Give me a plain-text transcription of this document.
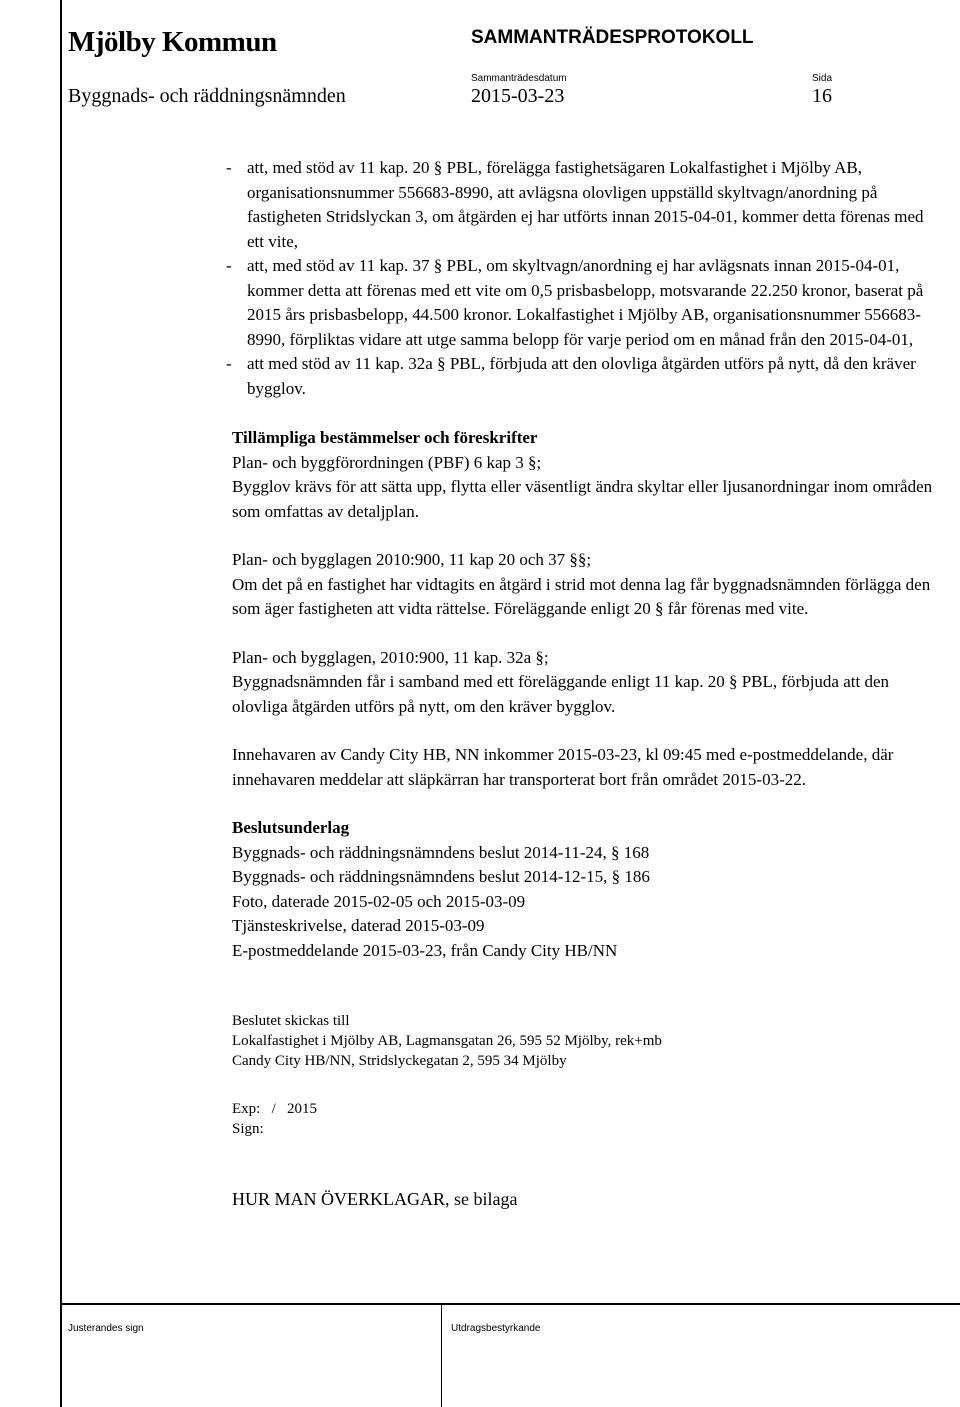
Mjölby Kommun	SAMMANTRÄDESPROTOKOLL
Byggnads- och räddningsnämnden
Sammanträdesdatum
2015-03-23
Sida
16

- att, med stöd av 11 kap. 20 § PBL, förelägga fastighetsägaren Lokalfastighet i Mjölby AB, organisationsnummer 556683-8990, att avlägsna olovligen uppställd skyltvagn/anordning på fastigheten Stridslyckan 3, om åtgärden ej har utförts innan 2015-04-01, kommer detta förenas med ett vite,

- att, med stöd av 11 kap. 37 § PBL, om skyltvagn/anordning ej har avlägsnats innan 2015-04-01, kommer detta att förenas med ett vite om 0,5 prisbasbelopp, motsvarande 22.250 kronor, baserat på 2015 års prisbasbelopp, 44.500 kronor. Lokalfastighet i Mjölby AB, organisationsnummer 556683-8990, förpliktas vidare att utge samma belopp för varje period om en månad från den 2015-04-01,

- att med stöd av 11 kap. 32a § PBL, förbjuda att den olovliga åtgärden utförs på nytt, då den kräver bygglov.

Tillämpliga bestämmelser och föreskrifter

Plan- och byggförordningen (PBF) 6 kap 3 §;

Bygglov krävs för att sätta upp, flytta eller väsentligt ändra skyltar eller ljusanordningar inom områden som omfattas av detaljplan.

Plan- och bygglagen 2010:900, 11 kap 20 och 37 §§;

Om det på en fastighet har vidtagits en åtgärd i strid mot denna lag får byggnadsnämnden förlägga den som äger fastigheten att vidta rättelse. Föreläggande enligt 20 § får förenas med vite.

Plan- och bygglagen, 2010:900, 11 kap. 32a §;

Byggnadsnämnden får i samband med ett föreläggande enligt 11 kap. 20 § PBL, förbjuda att den olovliga åtgärden utförs på nytt, om den kräver bygglov.

Innehavaren av Candy City HB, NN inkommer 2015-03-23, kl 09:45 med e-postmeddelande, där innehavaren meddelar att släpkärran har transporterat bort från området 2015-03-22.

Beslutsunderlag

Byggnads- och räddningsnämndens beslut 2014-11-24, § 168

Byggnads- och räddningsnämndens beslut 2014-12-15, § 186

Foto, daterade 2015-02-05 och 2015-03-09

Tjänsteskrivelse, daterad 2015-03-09

E-postmeddelande 2015-03-23, från Candy City HB/NN

Beslutet skickas till

Lokalfastighet i Mjölby AB, Lagmansgatan 26, 595 52 Mjölby, rek+mb

Candy City HB/NN, Stridslyckegatan 2, 595 34 Mjölby

Exp:   /   2015

Sign:

HUR MAN ÖVERKLAGAR, se bilaga

Justerandes sign	Utdragsbestyrkande
